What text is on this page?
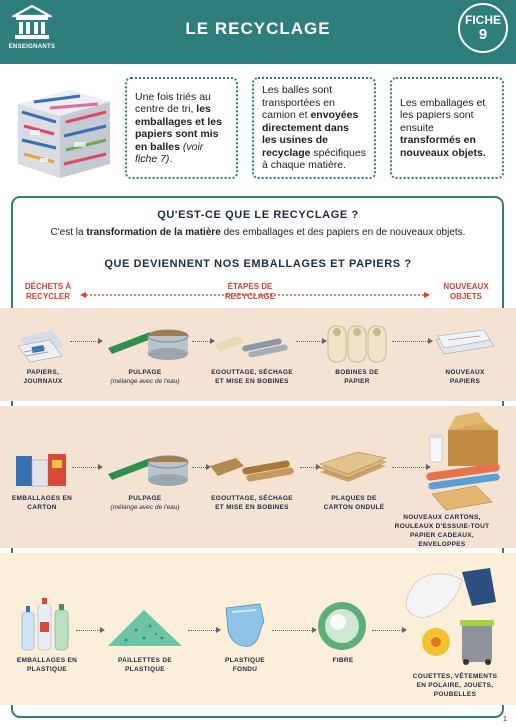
ENSEIGNANTS
LE RECYCLAGE	FICHE
9

Une fois triés au centre de tri, les emballages et les papiers sont mis en balles (voir fiche 7).

Les balles sont transportées en camion et envoyées directement dans les usines de recyclage spécifiques à chaque matière.

Les emballages et les papiers sont ensuite transformés en nouveaux objets.

QU'EST-CE QUE LE RECYCLAGE ?
C'est la transformation de la matière des emballages et des papiers en de nouveaux objets.
QUE DEVIENNENT NOS EMBALLAGES ET PAPIERS ?
DÉCHETS À RECYCLER
ÉTAPES DE RECYCLAGE
NOUVEAUX OBJETS
PAPIERS, JOURNAUX
PULPAGE
(mélange avec de l'eau)
EGOUTTAGE, SÉCHAGE ET MISE EN BOBINES
BOBINES DE PAPIER
NOUVEAUX PAPIERS
EMBALLAGES EN CARTON
PULPAGE
(mélange avec de l'eau)
EGOUTTAGE, SÉCHAGE ET MISE EN BOBINES
PLAQUES DE CARTON ONDULÉ
NOUVEAUX CARTONS, ROULEAUX D'ESSUIE-TOUT PAPIER CADEAUX, ENVELOPPES
EMBALLAGES EN PLASTIQUE
PAILLETTES DE PLASTIQUE
PLASTIQUE FONDU
FIBRE
COUETTES, VÊTEMENTS EN POLAIRE, JOUETS, POUBELLES
1
